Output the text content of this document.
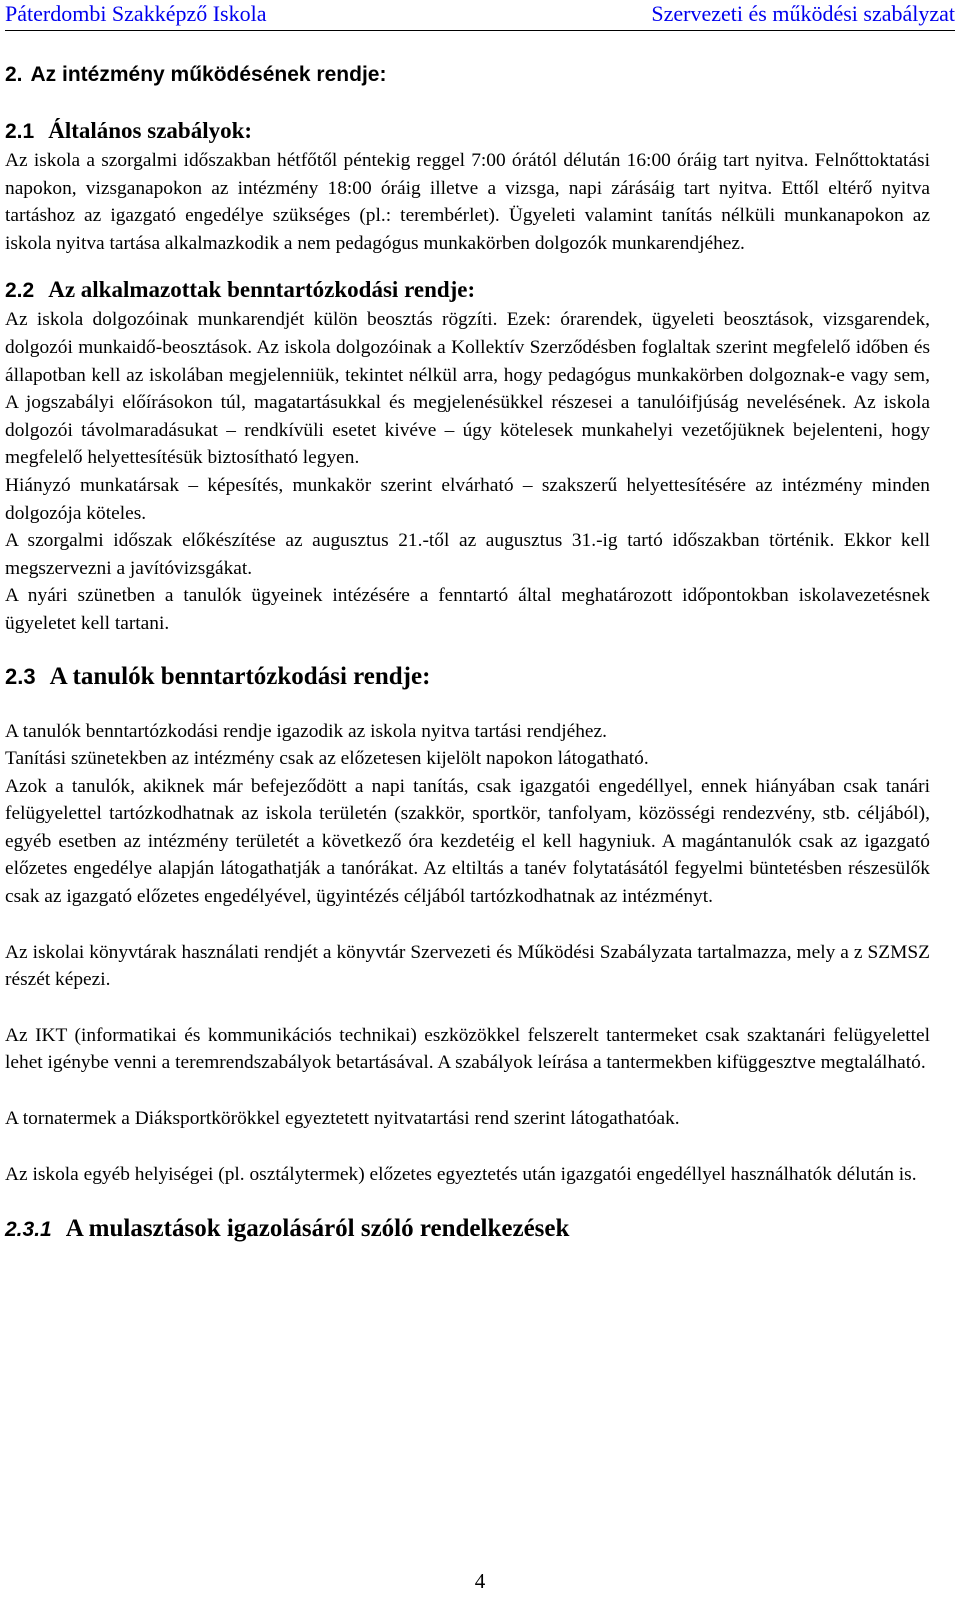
Páterdombi Szakképző Iskola	Szervezeti és működési szabályzat
2. Az intézmény működésének rendje:
2.1 Általános szabályok:

Az iskola a szorgalmi időszakban hétfőtől péntekig reggel 7:00 órától délután 16:00 óráig tart nyitva. Felnőttoktatási napokon, vizsganapokon az intézmény 18:00 óráig illetve a vizsga, napi zárásáig tart nyitva. Ettől eltérő nyitva tartáshoz az igazgató engedélye szükséges (pl.: terembérlet). Ügyeleti valamint tanítás nélküli munkanapokon az iskola nyitva tartása alkalmazkodik a nem pedagógus munkakörben dolgozók munkarendjéhez.

2.2 Az alkalmazottak benntartózkodási rendje:

Az iskola dolgozóinak munkarendjét külön beosztás rögzíti. Ezek: órarendek, ügyeleti beosztások, vizsgarendek, dolgozói munkaidő-beosztások. Az iskola dolgozóinak a Kollektív Szerződésben foglaltak szerint megfelelő időben és állapotban kell az iskolában megjelenniük, tekintet nélkül arra, hogy pedagógus munkakörben dolgoznak-e vagy sem, A jogszabályi előírásokon túl, magatartásukkal és megjelenésükkel részesei a tanulóifjúság nevelésének. Az iskola dolgozói távolmaradásukat – rendkívüli esetet kivéve – úgy kötelesek munkahelyi vezetőjüknek bejelenteni, hogy megfelelő helyettesítésük biztosítható legyen.

Hiányzó munkatársak – képesítés, munkakör szerint elvárható – szakszerű helyettesítésére az intézmény minden dolgozója köteles.

A szorgalmi időszak előkészítése az augusztus 21.-től az augusztus 31.-ig tartó időszakban történik. Ekkor kell megszervezni a javítóvizsgákat.

A nyári szünetben a tanulók ügyeinek intézésére a fenntartó által meghatározott időpontokban iskolavezetésnek ügyeletet kell tartani.

2.3 A tanulók benntartózkodási rendje:

A tanulók benntartózkodási rendje igazodik az iskola nyitva tartási rendjéhez.

Tanítási szünetekben az intézmény csak az előzetesen kijelölt napokon látogatható.

Azok a tanulók, akiknek már befejeződött a napi tanítás, csak igazgatói engedéllyel, ennek hiányában csak tanári felügyelettel tartózkodhatnak az iskola területén (szakkör, sportkör, tanfolyam, közösségi rendezvény, stb. céljából), egyéb esetben az intézmény területét a következő óra kezdetéig el kell hagyniuk. A magántanulók csak az igazgató előzetes engedélye alapján látogathatják a tanórákat. Az eltiltás a tanév folytatásától fegyelmi büntetésben részesülők csak az igazgató előzetes engedélyével, ügyintézés céljából tartózkodhatnak az intézményt.

Az iskolai könyvtárak használati rendjét a könyvtár Szervezeti és Működési Szabályzata tartalmazza, mely a z SZMSZ részét képezi.

Az IKT (informatikai és kommunikációs technikai) eszközökkel felszerelt tantermeket csak szaktanári felügyelettel lehet igénybe venni a teremrendszabályok betartásával. A szabályok leírása a tantermekben kifüggesztve megtalálható.

A tornatermek a Diáksportkörökkel egyeztetett nyitvatartási rend szerint látogathatóak.

Az iskola egyéb helyiségei (pl. osztálytermek) előzetes egyeztetés után igazgatói engedéllyel használhatók délután is.

2.3.1 A mulasztások igazolásáról szóló rendelkezések
4
